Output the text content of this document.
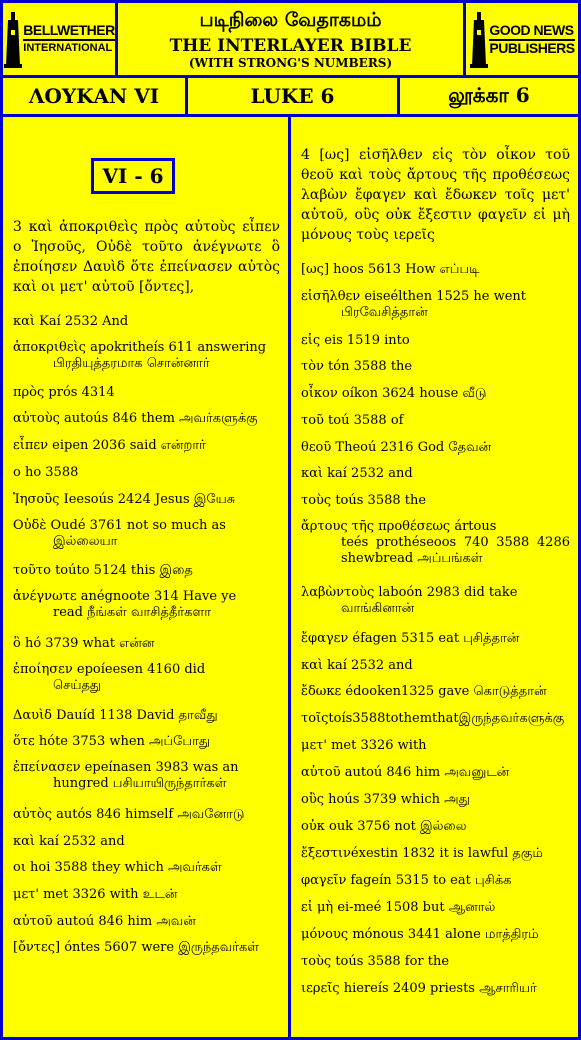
BELLWETHER
INTERNATIONAL
படிநிலை வேதாகமம்
THE INTERLAYER BIBLE
(WITH STRONG'S NUMBERS)
GOOD NEWS
PUBLISHERS
ΛΟΥΚΑΝ VI	LUKE 6	லூக்கா 6
VI - 6
3 καὶ ἀποκριθεὶς πρὸς αὐτοὺς εἶπεν ο Ἰησοῦς, Οὐδὲ τοῦτο ἀνέγνωτε ὃ ἐποίησεν Δαυὶδ ὅτε ἐπείνασεν αὐτὸς καὶ οι μετ' αὐτοῦ [ὄντες],
καὶ Kaí 2532 And
ἀποκριθεὶς apokritheís 611 answering
பிரதியுத்தரமாக சொன்னார்
πρὸς prós 4314
αὐτοὺς autoús 846 them அவர்களுக்கு
εἶπεν eipen 2036 said என்றார்
ο ho 3588
Ἰησοῦς Ieesoús 2424 Jesus இயேசு
Οὐδὲ Oudé 3761 not so much as
இல்லையா
τοῦτο toúto 5124 this இதை
ἀνέγνωτε anégnoote 314 Have ye
read நீங்கள் வாசித்தீர்களா
ὃ hó 3739 what என்ன
ἐποίησεν epoíeesen 4160 did
செய்தது
Δαυὶδ Dauíd 1138 David தாவீது
ὅτε hóte 3753 when அப்போது
ἐπείνασεν epeínasen 3983 was an
hungred பசியாயிருந்தார்கள்
αὐτὸς autós 846 himself அவனோடு
καὶ kaí 2532 and
οι hoi 3588 they which அவர்கள்
μετ' met 3326 with உடன்
αὐτοῦ autoú 846 him அவன்
[ὄντες] óntes 5607 were இருந்தவர்கள்
4 [ως] εἰσῆλθεν εἰς τὸν οἶκον τοῦ θεοῦ καὶ τοὺς ἄρτους τῆς προθέσεως λαβὼν ἔφαγεν καὶ ἔδωκεν τοῖς μετ' αὐτοῦ, οὓς οὐκ ἔξεστιν φαγεῖν εἰ μὴ μόνους τοὺς ιερεῖς
[ως] hoos 5613 How எப்படி
εἰσῆλθεν eiseélthen 1525 he went
பிரவேசித்தான்
εἰς eis 1519 into
τὸν tón 3588 the
οἶκον oíkon 3624 house வீடு
τοῦ toú 3588 of
θεοῦ Theoú 2316 God தேவன்
καὶ kaí 2532 and
τοὺς toús 3588 the
ἄρτους τῆς προθέσεως ártous
teés prothéseoos 740 3588 4286 shewbread அப்பங்கள்
λαβὼντοὺς laboón 2983 did take
வாங்கினான்
ἔφαγεν éfagen 5315 eat புசித்தான்
καὶ kaí 2532 and
ἔδωκε édooken1325 gave கொடுத்தான்
τοῖςtoís3588tothemthatஇருந்தவர்களுக்கு
μετ' met 3326 with
αὐτοῦ autoú 846 him அவனுடன்
οὓς hoús 3739 which அது
οὐκ ouk 3756 not இல்லை
ἔξεστινéxestin 1832 it is lawful தகும்
φαγεῖν fageín 5315 to eat புசிக்க
εἰ μὴ ei-meé 1508 but ஆனால்
μόνους mónous 3441 alone மாத்திரம்
τοὺς toús 3588 for the
ιερεῖς hiereís 2409 priests ஆசாரியர்
